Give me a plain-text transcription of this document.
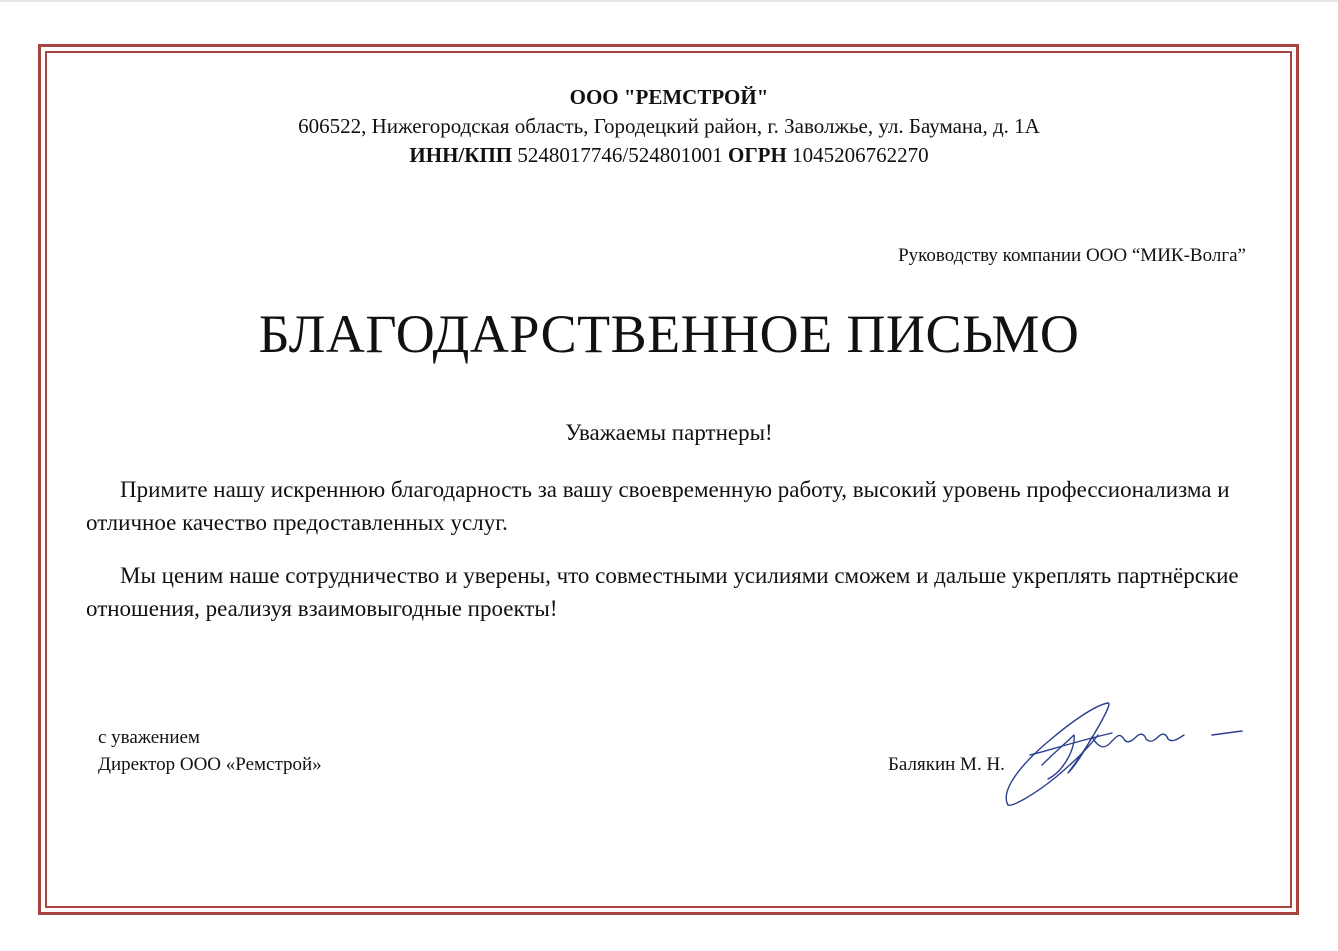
ООО "РЕМСТРОЙ"
606522, Нижегородская область, Городецкий район, г. Заволжье, ул. Баумана, д. 1А
ИНН/КПП 5248017746/524801001 ОГРН 1045206762270
Руководству компании ООО “МИК-Волга”
БЛАГОДАРСТВЕННОЕ ПИСЬМО
Уважаемы партнеры!
Примите нашу искреннюю благодарность за вашу своевременную работу, высокий уровень профессионализма и отличное качество предоставленных услуг.
Мы ценим наше сотрудничество и уверены, что совместными усилиями сможем и дальше укреплять партнёрские отношения, реализуя взаимовыгодные проекты!
с уважением
Директор ООО «Ремстрой»	Балякин М. Н.
